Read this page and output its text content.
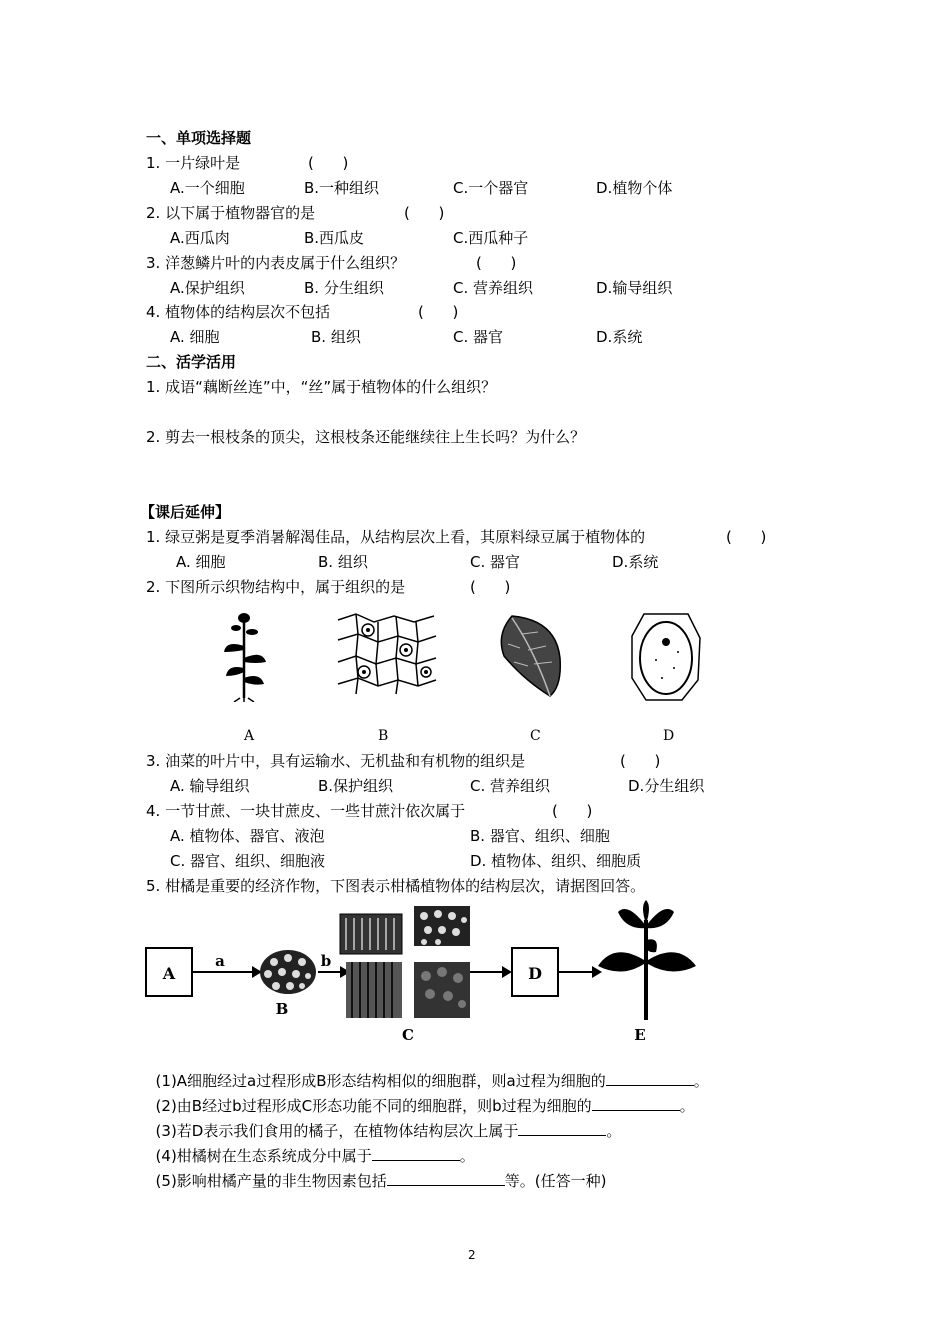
一、单项选择题
1. 一片绿叶是	(      )
A.一个细胞	B.一种组织	C.一个器官	D.植物个体
2. 以下属于植物器官的是	(      )
A.西瓜肉	B.西瓜皮	C.西瓜种子
3. 洋葱鳞片叶的内表皮属于什么组织？	(      )
A.保护组织	B. 分生组织	C. 营养组织	D.输导组织
4. 植物体的结构层次不包括	(      )
A. 细胞	B. 组织	C. 器官	D.系统
二、活学活用
1. 成语“藕断丝连”中，“丝”属于植物体的什么组织？
2. 剪去一根枝条的顶尖，这根枝条还能继续往上生长吗？为什么？
【课后延伸】
1. 绿豆粥是夏季消暑解渴佳品，从结构层次上看，其原料绿豆属于植物体的	(      )
A. 细胞	B. 组织	C. 器官	D.系统
2. 下图所示织物结构中，属于组织的是	(      )
A	B	C	D
3. 油菜的叶片中，具有运输水、无机盐和有机物的组织是	(      )
A. 输导组织	B.保护组织	C. 营养组织	D.分生组织
4. 一节甘蔗、一块甘蔗皮、一些甘蔗汁依次属于	(      )
A. 植物体、器官、液泡	B. 器官、组织、细胞
C. 器官、组织、细胞液	D. 植物体、组织、细胞质
5. 柑橘是重要的经济作物，下图表示柑橘植物体的结构层次，请据图回答。
A
a
B
b
C
D
E

(1)A细胞经过a过程形成B形态结构相似的细胞群，则a过程为细胞的	。

(2)由B经过b过程形成C形态功能不同的细胞群，则b过程为细胞的	。

(3)若D表示我们食用的橘子，在植物体结构层次上属于	。

(4)柑橘树在生态系统成分中属于	。

(5)影响柑橘产量的非生物因素包括	等。(任答一种)

2
